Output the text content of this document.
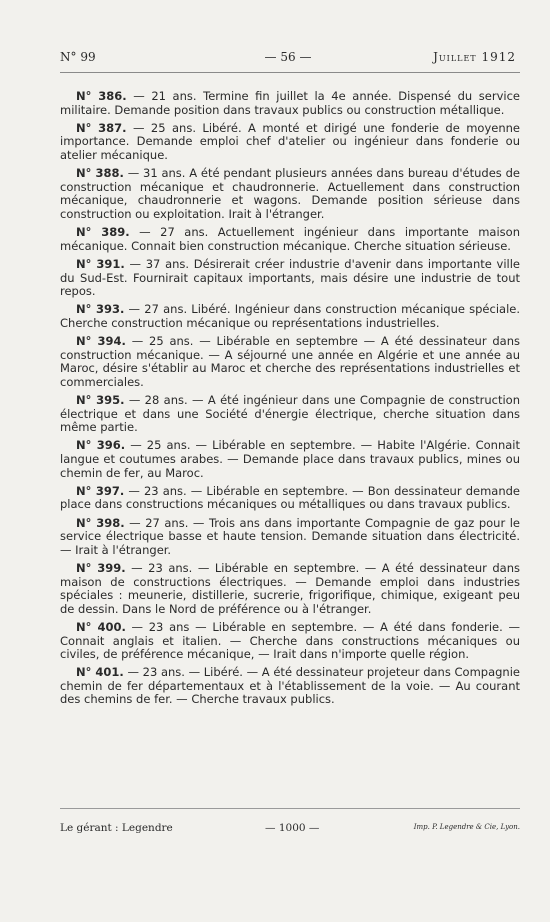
N° 99	— 56 —	Juillet 1912

N° 386. — 21 ans. Termine fin juillet la 4e année. Dispensé du service militaire. Demande position dans travaux publics ou construction métallique.

N° 387. — 25 ans. Libéré. A monté et dirigé une fonderie de moyenne importance. Demande emploi chef d'atelier ou ingénieur dans fonderie ou atelier mécanique.

N° 388. — 31 ans. A été pendant plusieurs années dans bureau d'études de construction mécanique et chaudronnerie. Actuellement dans construction mécanique, chaudronnerie et wagons. Demande position sérieuse dans construction ou exploitation. Irait à l'étranger.

N° 389. — 27 ans. Actuellement ingénieur dans importante maison mécanique. Connait bien construction mécanique. Cherche situation sérieuse.

N° 391. — 37 ans. Désirerait créer industrie d'avenir dans importante ville du Sud-Est. Fournirait capitaux importants, mais désire une industrie de tout repos.

N° 393. — 27 ans. Libéré. Ingénieur dans construction mécanique spéciale. Cherche construction mécanique ou représentations industrielles.

N° 394. — 25 ans. — Libérable en septembre — A été dessinateur dans construction mécanique. — A séjourné une année en Algérie et une année au Maroc, désire s'établir au Maroc et cherche des représentations industrielles et commerciales.

N° 395. — 28 ans. — A été ingénieur dans une Compagnie de construction électrique et dans une Société d'énergie électrique, cherche situation dans même partie.

N° 396. — 25 ans. — Libérable en septembre. — Habite l'Algérie. Connait langue et coutumes arabes. — Demande place dans travaux publics, mines ou chemin de fer, au Maroc.

N° 397. — 23 ans. — Libérable en septembre. — Bon dessinateur demande place dans constructions mécaniques ou métalliques ou dans travaux publics.

N° 398. — 27 ans. — Trois ans dans importante Compagnie de gaz pour le service électrique basse et haute tension. Demande situation dans électricité. — Irait à l'étranger.

N° 399. — 23 ans. — Libérable en septembre. — A été dessinateur dans maison de constructions électriques. — Demande emploi dans industries spéciales : meunerie, distillerie, sucrerie, frigorifique, chimique, exigeant peu de dessin. Dans le Nord de préférence ou à l'étranger.

N° 400. — 23 ans — Libérable en septembre. — A été dans fonderie. — Connait anglais et italien. — Cherche dans constructions mécaniques ou civiles, de préférence mécanique, — Irait dans n'importe quelle région.

N° 401. — 23 ans. — Libéré. — A été dessinateur projeteur dans Compagnie chemin de fer départementaux et à l'établissement de la voie. — Au courant des chemins de fer. — Cherche travaux publics.

Le gérant : Legendre	— 1000 —	Imp. P. Legendre & Cie, Lyon.
